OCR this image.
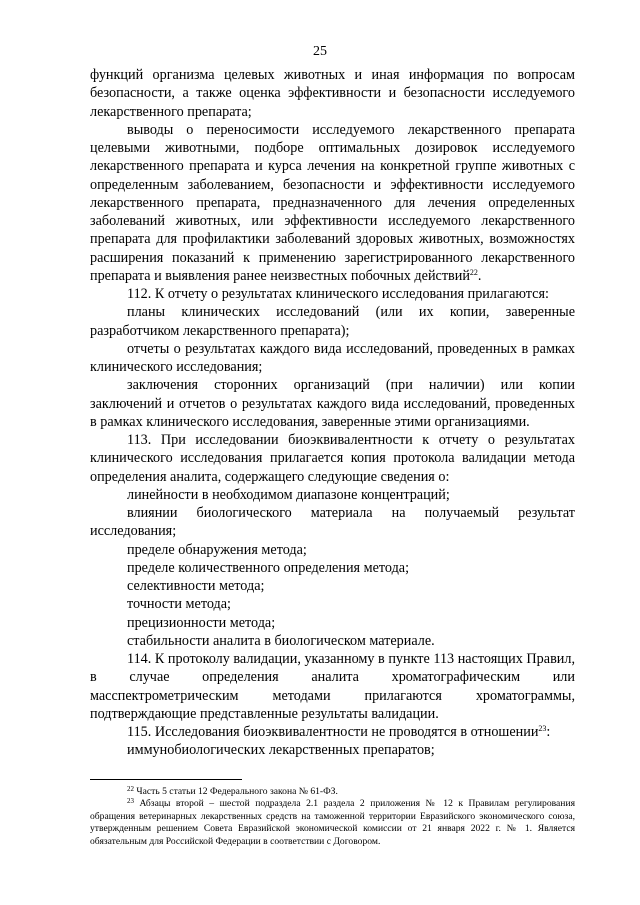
25

функций организма целевых животных и иная информация по вопросам безопасности, а также оценка эффективности и безопасности исследуемого лекарственного препарата;

выводы о переносимости исследуемого лекарственного препарата целевыми животными, подборе оптимальных дозировок исследуемого лекарственного препарата и курса лечения на конкретной группе животных с определенным заболеванием, безопасности и эффективности исследуемого лекарственного препарата, предназначенного для лечения определенных заболеваний животных, или эффективности исследуемого лекарственного препарата для профилактики заболеваний здоровых животных, возможностях расширения показаний к применению зарегистрированного лекарственного препарата и выявления ранее неизвестных побочных действий$^{22}$.

112. К отчету о результатах клинического исследования прилагаются:

планы клинических исследований (или их копии, заверенные разработчиком лекарственного препарата);

отчеты о результатах каждого вида исследований, проведенных в рамках клинического исследования;

заключения сторонних организаций (при наличии) или копии заключений и отчетов о результатах каждого вида исследований, проведенных в рамках клинического исследования, заверенные этими организациями.

113. При исследовании биоэквивалентности к отчету о результатах клинического исследования прилагается копия протокола валидации метода определения аналита, содержащего следующие сведения о:

линейности в необходимом диапазоне концентраций;

влиянии биологического материала на получаемый результат исследования;

пределе обнаружения метода;

пределе количественного определения метода;

селективности метода;

точности метода;

прецизионности метода;

стабильности аналита в биологическом материале.

114. К протоколу валидации, указанному в пункте 113 настоящих Правил, в случае определения аналита хроматографическим или масспектрометрическим методами прилагаются хроматограммы, подтверждающие представленные результаты валидации.

115. Исследования биоэквивалентности не проводятся в отношении$^{23}$:

иммунобиологических лекарственных препаратов;

$^{22}$ Часть 5 статьи 12 Федерального закона № 61-ФЗ.

$^{23}$ Абзацы второй – шестой подраздела 2.1 раздела 2 приложения № 12 к Правилам регулирования обращения ветеринарных лекарственных средств на таможенной территории Евразийского экономического союза, утвержденным решением Совета Евразийской экономической комиссии от 21 января 2022 г. № 1. Является обязательным для Российской Федерации в соответствии с Договором.
